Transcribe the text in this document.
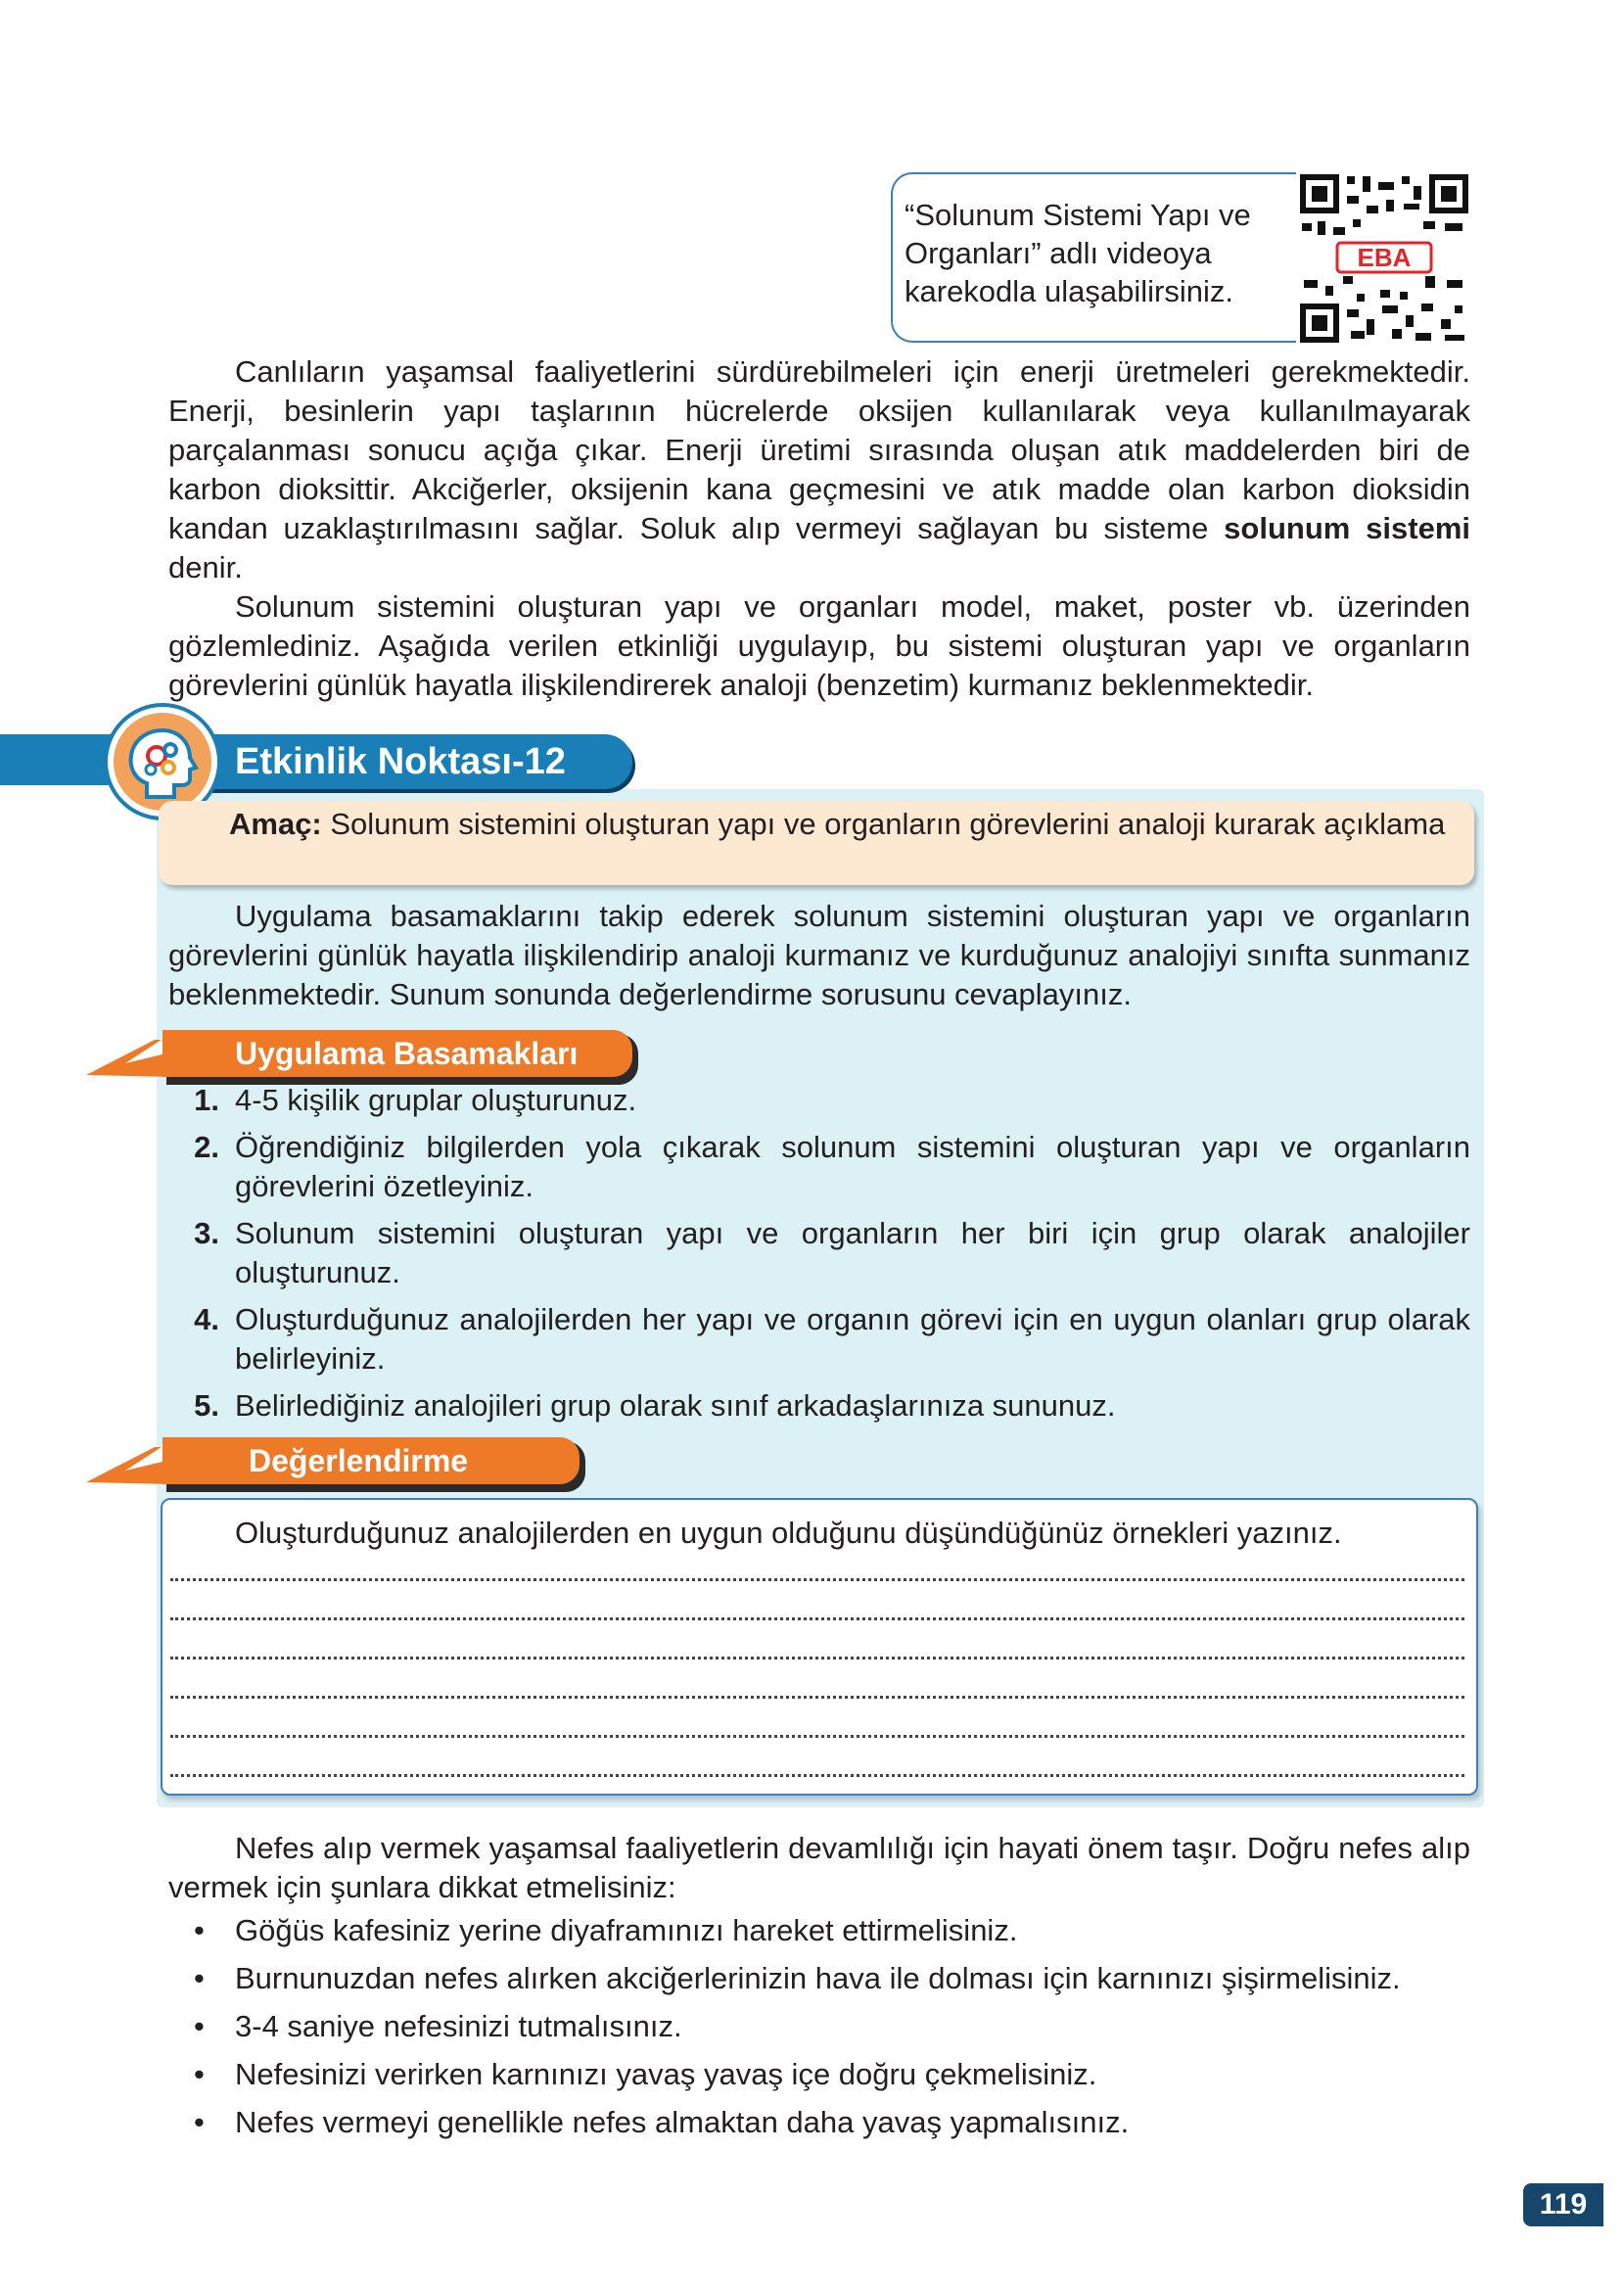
“Solunum Sistemi Yapı ve

Organları” adlı videoya

karekodla ulaşabilirsiniz.

EBA

Canlıların yaşamsal faaliyetlerini sürdürebilmeleri için enerji üretmeleri gerekmektedir. Enerji, besinlerin yapı taşlarının hücrelerde oksijen kullanılarak veya kullanılmayarak parçalanması sonucu açığa çıkar. Enerji üretimi sırasında oluşan atık maddelerden biri de karbon dioksittir. Akciğerler, oksijenin kana geçmesini ve atık madde olan karbon dioksidin kandan uzaklaştırılmasını sağlar. Soluk alıp vermeyi sağlayan bu sisteme solunum sistemi denir.

Solunum sistemini oluşturan yapı ve organları model, maket, poster vb. üzerinden gözlemlediniz. Aşağıda verilen etkinliği uygulayıp, bu sistemi oluşturan yapı ve organların görevlerini günlük hayatla ilişkilendirerek analoji (benzetim) kurmanız beklenmektedir.

Etkinlik Noktası-12
Amaç: Solunum sistemini oluşturan yapı ve organların görevlerini analoji kurarak açıklama

Uygulama basamaklarını takip ederek solunum sistemini oluşturan yapı ve organların görevlerini günlük hayatla ilişkilendirip analoji kurmanız ve kurduğunuz analojiyi sınıfta sunmanız beklenmektedir. Sunum sonunda değerlendirme sorusunu cevaplayınız.

Uygulama Basamakları
1. 4-5 kişilik gruplar oluşturunuz.
2. Öğrendiğiniz bilgilerden yola çıkarak solunum sistemini oluşturan yapı ve organların görevlerini özetleyiniz.
3. Solunum sistemini oluşturan yapı ve organların her biri için grup olarak analojiler oluşturunuz.
4. Oluşturduğunuz analojilerden her yapı ve organın görevi için en uygun olanları grup olarak belirleyiniz.
5. Belirlediğiniz analojileri grup olarak sınıf arkadaşlarınıza sununuz.
Değerlendirme

Oluşturduğunuz analojilerden en uygun olduğunu düşündüğünüz örnekleri yazınız.

Nefes alıp vermek yaşamsal faaliyetlerin devamlılığı için hayati önem taşır. Doğru nefes alıp vermek için şunlara dikkat etmelisiniz:

• Göğüs kafesiniz yerine diyaframınızı hareket ettirmelisiniz.
• Burnunuzdan nefes alırken akciğerlerinizin hava ile dolması için karnınızı şişirmelisiniz.
• 3-4 saniye nefesinizi tutmalısınız.
• Nefesinizi verirken karnınızı yavaş yavaş içe doğru çekmelisiniz.
• Nefes vermeyi genellikle nefes almaktan daha yavaş yapmalısınız.
119
